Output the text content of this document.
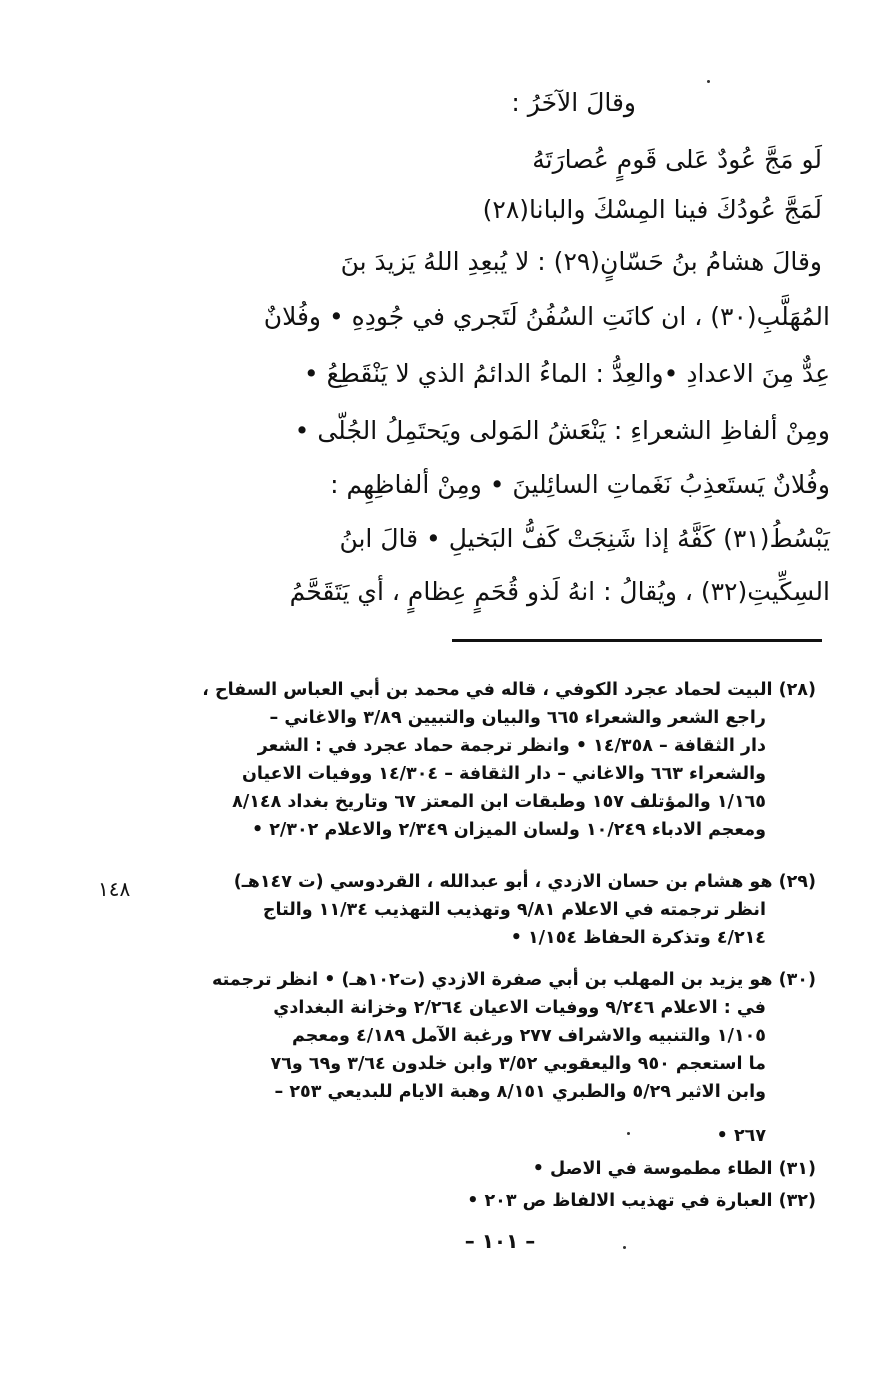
وقالَ الآخَرُ :
لَو مَجَّ عُودٌ عَلى قَومٍ عُصارَتَهُ
لَمَجَّ عُودُكَ فينا المِسْكَ والبانا(٢٨)
وقالَ هشامُ بنُ حَسّانٍ(٢٩) : لا يُبعِدِ اللهُ يَزيدَ بنَ
المُهَلَّبِ(٣٠) ، ان كانَتِ السُفُنُ لَتَجري في جُودِهِ • وفُلانٌ
عِدٌّ مِنَ الاعدادِ •والعِدُّ : الماءُ الدائمُ الذي لا يَنْقَطِعُ •
ومِنْ ألفاظِ الشعراءِ : يَنْعَشُ المَولى ويَحتَمِلُ الجُلّى •
وفُلانٌ يَستَعذِبُ نَغَماتِ السائِلينَ • ومِنْ ألفاظِهِم :
يَبْسُطُ(٣١) كَفَّهُ إذا شَنِجَتْ كَفُّ البَخيلِ • قالَ ابنُ
السِكِّيتِ(٣٢) ، ويُقالُ : انهُ لَذو قُحَمٍ عِظامٍ ، أي يَتَقَحَّمُ
(٢٨) البيت لحماد عجرد الكوفي ، قاله في محمد بن أبي العباس السفاح ،
راجع الشعر والشعراء ٦٦٥ والبيان والتبيين ٣/٨٩ والاغاني –
دار الثقافة – ١٤/٣٥٨ • وانظر ترجمة حماد عجرد في : الشعر
والشعراء ٦٦٣ والاغاني – دار الثقافة – ١٤/٣٠٤ ووفيات الاعيان
١/١٦٥ والمؤتلف ١٥٧ وطبقات ابن المعتز ٦٧ وتاريخ بغداد ٨/١٤٨
ومعجم الادباء ١٠/٢٤٩ ولسان الميزان ٢/٣٤٩ والاعلام ٢/٣٠٢ •
(٢٩) هو هشام بن حسان الازدي ، أبو عبدالله ، القردوسي (ت ١٤٧هـ)
انظر ترجمته في الاعلام ٩/٨١ وتهذيب التهذيب ١١/٣٤ والتاج
٤/٢١٤ وتذكرة الحفاظ ١/١٥٤ •
(٣٠) هو يزيد بن المهلب بن أبي صفرة الازدي (ت١٠٢هـ) • انظر ترجمته
في : الاعلام ٩/٢٤٦ ووفيات الاعيان ٢/٢٦٤ وخزانة البغدادي
١/١٠٥ والتنبيه والاشراف ٢٧٧ ورغبة الآمل ٤/١٨٩ ومعجم
ما استعجم ٩٥٠ واليعقوبي ٣/٥٢ وابن خلدون ٣/٦٤ و٦٩ و٧٦
وابن الاثير ٥/٢٩ والطبري ٨/١٥١ وهبة الايام للبديعي ٢٥٣ –
٢٦٧ •
(٣١) الطاء مطموسة في الاصل •
(٣٢) العبارة في تهذيب الالفاظ ص ٢٠٣ •
١٤٨
– ١٠١ –
